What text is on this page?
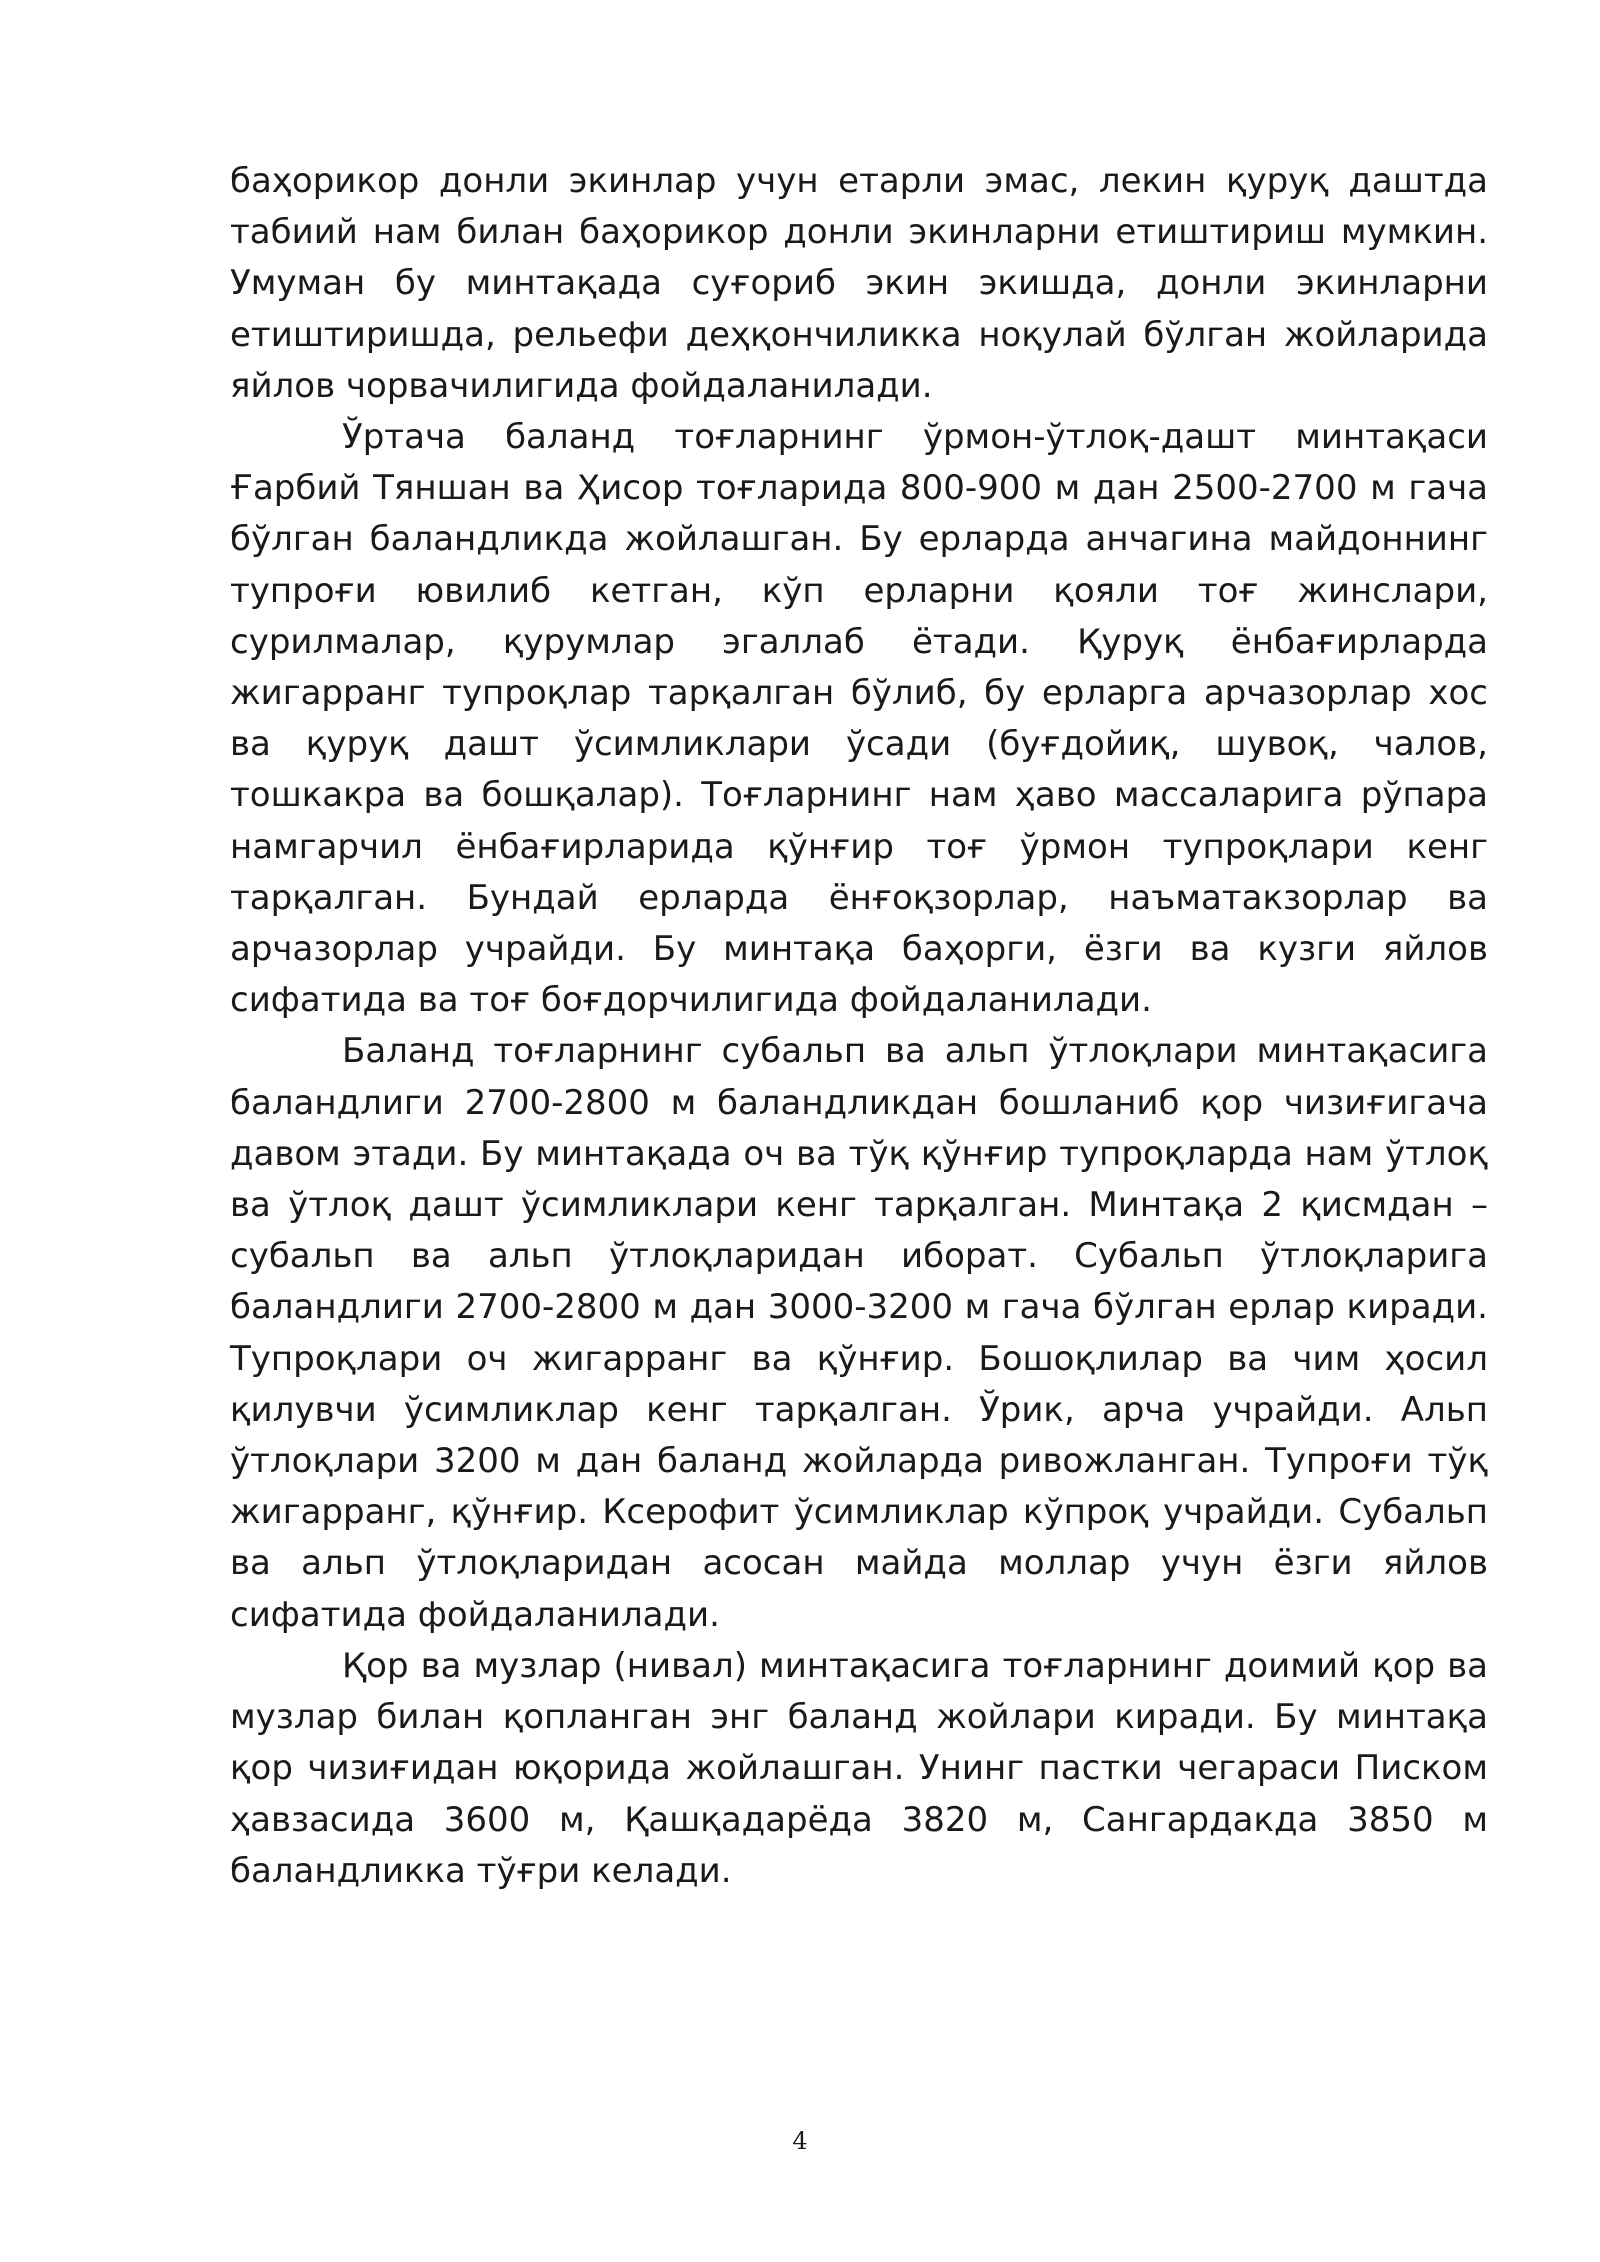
баҳорикор донли экинлар учун етарли эмас, лекин қуруқ даштда табиий нам билан баҳорикор донли экинларни етиштириш мумкин. Умуман бу минтақада суғориб экин экишда, донли экинларни етиштиришда, рельефи деҳқончиликка ноқулай бўлган жойларида яйлов чорвачилигида фойдаланилади.

Ўртача баланд тоғларнинг ўрмон-ўтлоқ-дашт минтақаси Ғарбий Тяншан ва Ҳисор тоғларида 800-900 м дан 2500-2700 м гача бўлган баландликда жойлашган. Бу ерларда анчагина майдоннинг тупроғи ювилиб кетган, кўп ерларни қояли тоғ жинслари, сурилмалар, қурумлар эгаллаб ётади. Қуруқ ёнбағирларда жигарранг тупроқлар тарқалган бўлиб, бу ерларга арчазорлар хос ва қуруқ дашт ўсимликлари ўсади (буғдойиқ, шувоқ, чалов, тошкакра ва бошқалар). Тоғларнинг нам ҳаво массаларига рўпара намгарчил ёнбағирларида қўнғир тоғ ўрмон тупроқлари кенг тарқалган. Бундай ерларда ёнғоқзорлар, наъматакзорлар ва арчазорлар учрайди. Бу минтақа баҳорги, ёзги ва кузги яйлов сифатида ва тоғ боғдорчилигида фойдаланилади.

Баланд тоғларнинг субальп ва альп ўтлоқлари минтақасига баландлиги 2700-2800 м баландликдан бошланиб қор чизиғигача давом этади. Бу минтақада оч ва тўқ қўнғир тупроқларда нам ўтлоқ ва ўтлоқ дашт ўсимликлари кенг тарқалган. Минтақа 2 қисмдан – субальп ва альп ўтлоқларидан иборат. Субальп ўтлоқларига баландлиги 2700-2800 м дан 3000-3200 м гача бўлган ерлар киради. Тупроқлари оч жигарранг ва қўнғир. Бошоқлилар ва чим ҳосил қилувчи ўсимликлар кенг тарқалган. Ўрик, арча учрайди. Альп ўтлоқлари 3200 м дан баланд жойларда ривожланган. Тупроғи тўқ жигарранг, қўнғир. Ксерофит ўсимликлар кўпроқ учрайди. Субальп ва альп ўтлоқларидан асосан майда моллар учун ёзги яйлов сифатида фойдаланилади.

Қор ва музлар (нивал) минтақасига тоғларнинг доимий қор ва музлар билан қопланган энг баланд жойлари киради. Бу минтақа қор чизиғидан юқорида жойлашган. Унинг пастки чегараси Писком ҳавзасида 3600 м, Қашқадарёда 3820 м, Сангардакда 3850 м баландликка тўғри келади.

4
